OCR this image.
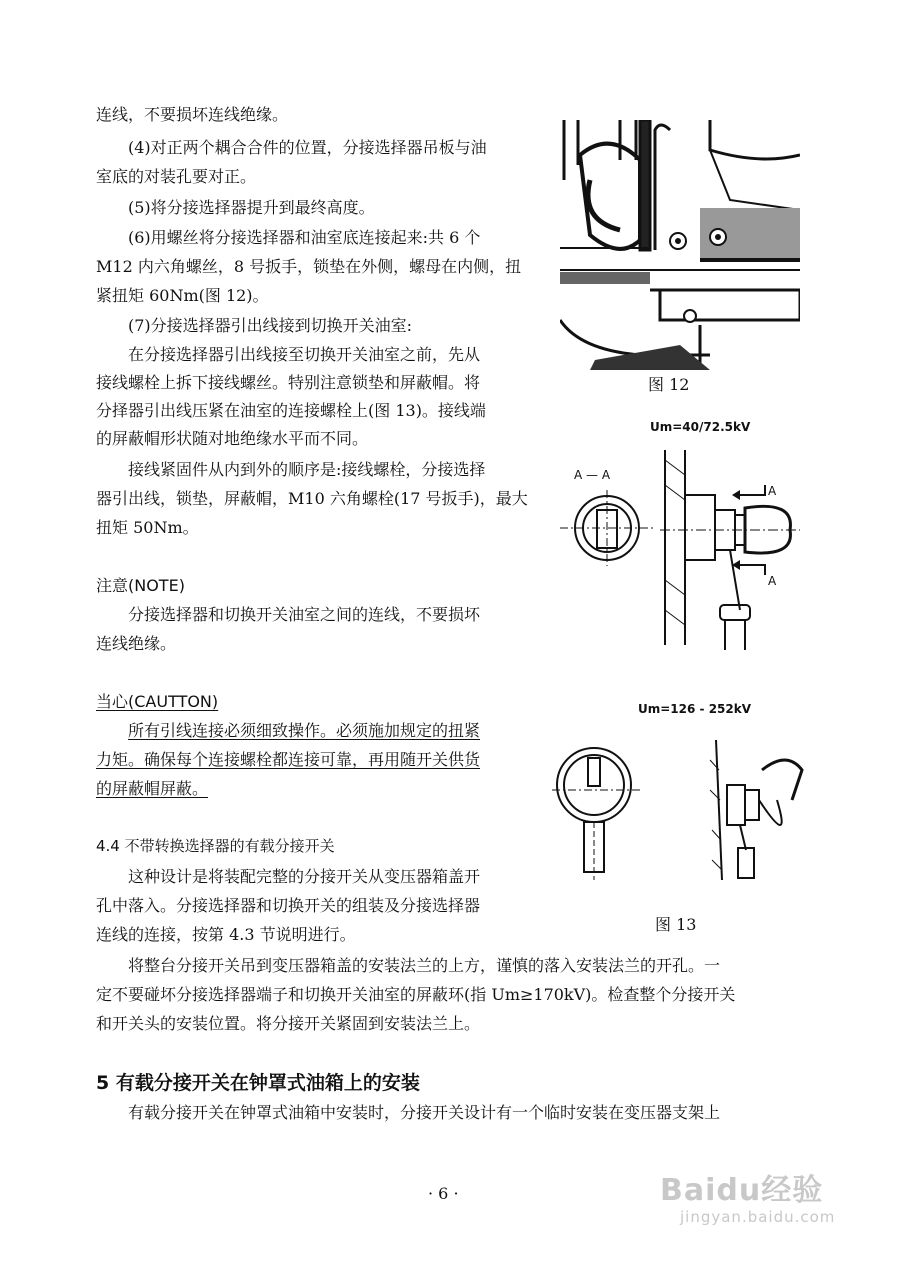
连线，不要损坏连线绝缘。
(4)对正两个耦合合件的位置，分接选择器吊板与油
室底的对装孔要对正。
(5)将分接选择器提升到最终高度。
(6)用螺丝将分接选择器和油室底连接起来:共 6 个
M12 内六角螺丝，8 号扳手，锁垫在外侧，螺母在内侧，扭
紧扭矩 60Nm(图 12)。
(7)分接选择器引出线接到切换开关油室:
在分接选择器引出线接至切换开关油室之前，先从
接线螺栓上拆下接线螺丝。特别注意锁垫和屏蔽帽。将
分择器引出线压紧在油室的连接螺栓上(图 13)。接线端
的屏蔽帽形状随对地绝缘水平而不同。
接线紧固件从内到外的顺序是:接线螺栓，分接选择
器引出线，锁垫，屏蔽帽，M10 六角螺栓(17 号扳手)，最大
扭矩 50Nm。
注意(NOTE)
分接选择器和切换开关油室之间的连线，不要损坏
连线绝缘。
当心(CAUTTON)
所有引线连接必须细致操作。必须施加规定的扭紧
力矩。确保每个连接螺栓都连接可靠，再用随开关供货
的屏蔽帽屏蔽。
4.4 不带转换选择器的有载分接开关
这种设计是将装配完整的分接开关从变压器箱盖开
孔中落入。分接选择器和切换开关的组装及分接选择器
连线的连接，按第 4.3 节说明进行。
将整台分接开关吊到变压器箱盖的安装法兰的上方，谨慎的落入安装法兰的开孔。一
定不要碰坏分接选择器端子和切换开关油室的屏蔽环(指 Um≥170kV)。检查整个分接开关
和开关头的安装位置。将分接开关紧固到安装法兰上。
5 有载分接开关在钟罩式油箱上的安装
有载分接开关在钟罩式油箱中安装时，分接开关设计有一个临时安装在变压器支架上
图 12
Um=40/72.5kV
A — A
A
A
Um=126 - 252kV
图 13
· 6 ·	Baidu经验
jingyan.baidu.com
